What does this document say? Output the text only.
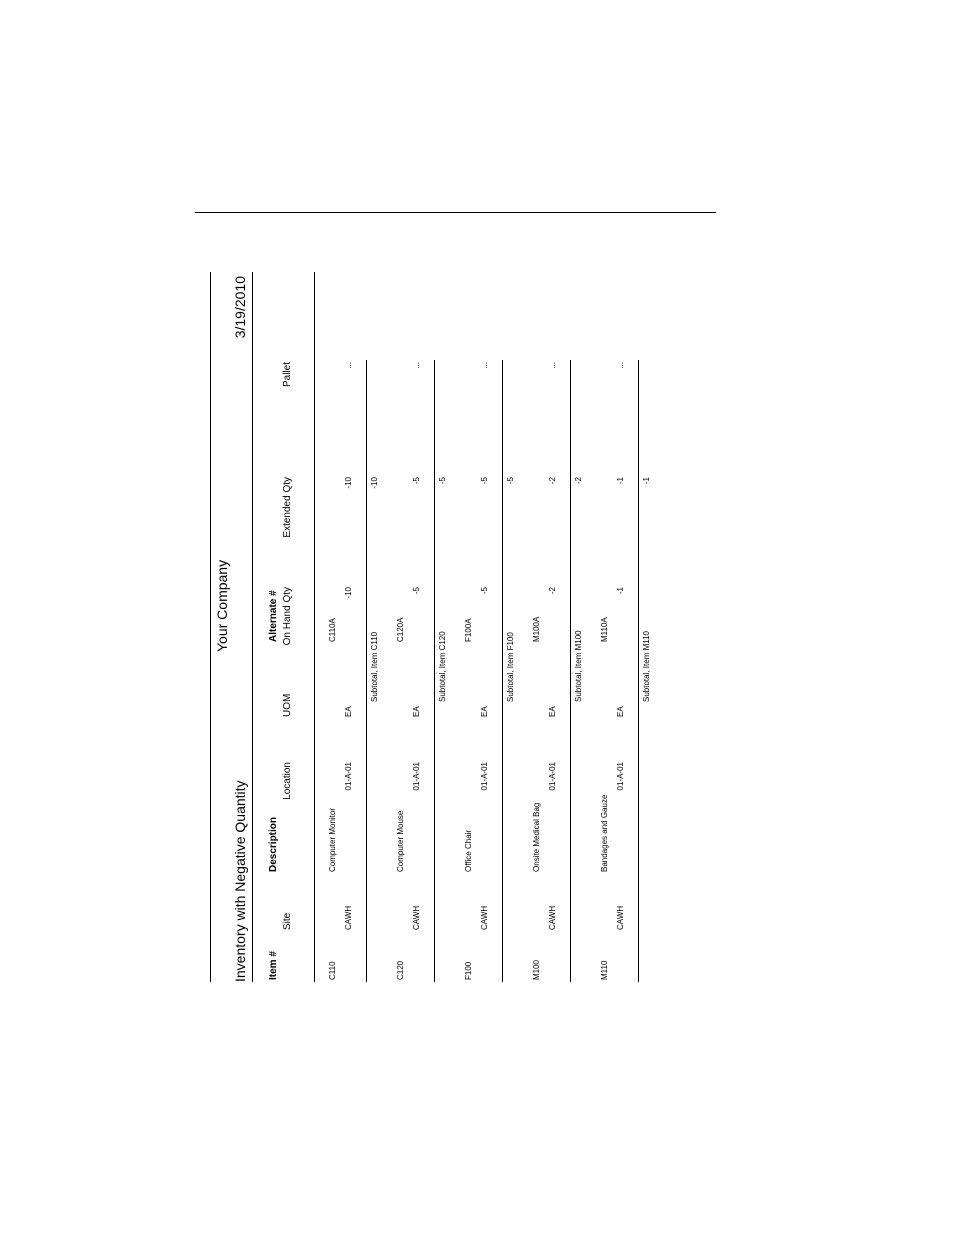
Inventory with Negative Quantity
Your Company
3/19/2010
Item #
Description
Alternate #
Site
Location
UOM
On Hand Qty
Extended Qty
Pallet
C110
Computer Monitor
C110A
CAWH
01-A-01
EA
-10
-10
...
Subtotal, Item C110
-10
C120
Computer Mouse
C120A
CAWH
01-A-01
EA
-5
-5
...
Subtotal, Item C120
-5
F100
Office Chair
F100A
CAWH
01-A-01
EA
-5
-5
...
Subtotal, Item F100
-5
M100
Onsite Medical Bag
M100A
CAWH
01-A-01
EA
-2
-2
...
Subtotal, Item M100
-2
M110
Bandages and Gauze
M110A
CAWH
01-A-01
EA
-1
-1
...
Subtotal, Item M110
-1
